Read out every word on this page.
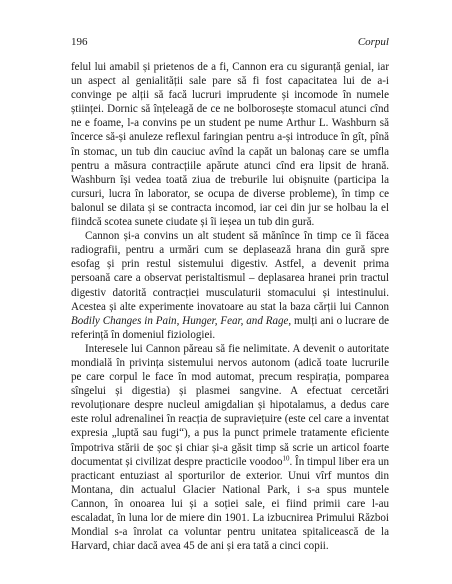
196	Corpul

felul lui amabil și prietenos de a fi, Cannon era cu siguranță genial, iar un aspect al genialității sale pare să fi fost capacitatea lui de a-i convinge pe alții să facă lucruri imprudente și incomode în numele științei. Dornic să înțeleagă de ce ne bolborosește stomacul atunci cînd ne e foame, l-a convins pe un student pe nume Arthur L. Washburn să încerce să-și anuleze reflexul faringian pentru a-și introduce în gît, pînă în stomac, un tub din cauciuc avînd la capăt un balonaș care se umfla pentru a măsura contracțiile apărute atunci cînd era lipsit de hrană. Washburn își vedea toată ziua de treburile lui obișnuite (participa la cursuri, lucra în laborator, se ocupa de diverse probleme), în timp ce balonul se dilata și se contracta incomod, iar cei din jur se holbau la el fiindcă scotea sunete ciudate și îi ieșea un tub din gură.

Cannon și-a convins un alt student să mănînce în timp ce îi făcea radiografii, pentru a urmări cum se deplasează hrana din gură spre esofag și prin restul sistemului digestiv. Astfel, a devenit prima persoană care a observat peristaltismul – deplasarea hranei prin tractul digestiv datorită contracției musculaturii stomacului și intestinului. Acestea și alte experimente inovatoare au stat la baza cărții lui Cannon Bodily Changes in Pain, Hunger, Fear, and Rage, mulți ani o lucrare de referință în domeniul fiziologiei.

Interesele lui Cannon păreau să fie nelimitate. A devenit o autoritate mondială în privința sistemului nervos autonom (adică toate lucrurile pe care corpul le face în mod automat, precum respirația, pomparea sîngelui și digestia) și plasmei sangvine. A efectuat cercetări revoluționare despre nucleul amigdalian și hipotalamus, a dedus care este rolul adrenalinei în reacția de supraviețuire (este cel care a inventat expresia „luptă sau fugi“), a pus la punct primele tratamente eficiente împotriva stării de șoc și chiar și-a găsit timp să scrie un articol foarte documentat și civilizat despre practicile voodoo$^{10}$. În timpul liber era un practicant entuziast al sporturilor de exterior. Unui vîrf muntos din Montana, din actualul Glacier National Park, i s-a spus muntele Cannon, în onoarea lui și a soției sale, ei fiind primii care l-au escaladat, în luna lor de miere din 1901. La izbucnirea Primului Război Mondial s-a înrolat ca voluntar pentru unitatea spitalicească de la Harvard, chiar dacă avea 45 de ani și era tată a cinci copii.
